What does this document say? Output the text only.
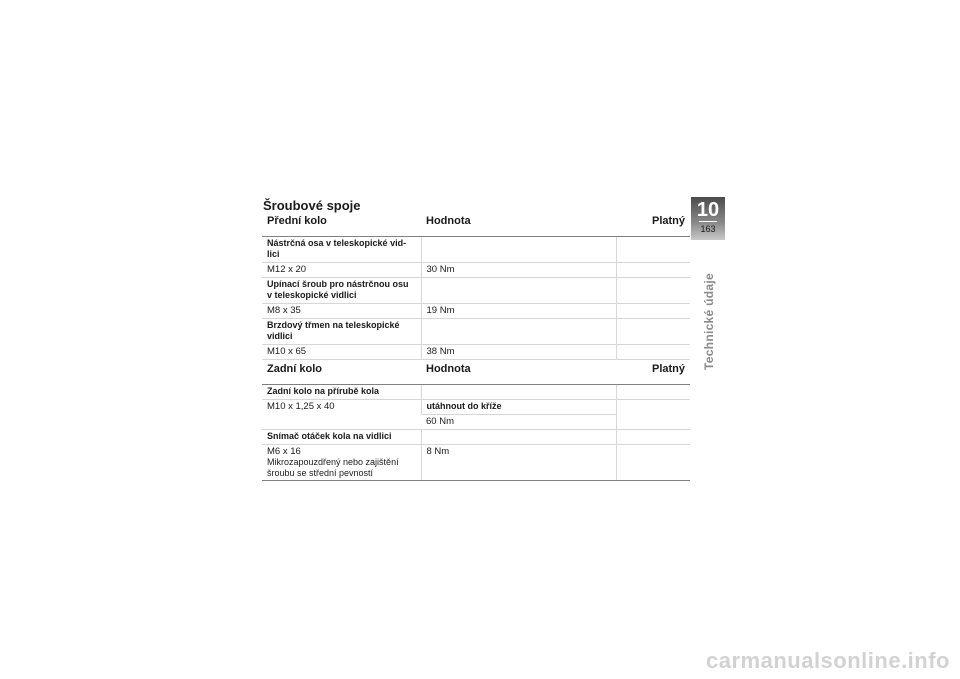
Šroubové spoje
Přední kolo	Hodnota	Platný
Nástrčná osa v teleskopické vid-lici		
M12 x 20	30 Nm	
Upínací šroub pro nástrčnou osu v teleskopické vidlici		
M8 x 35	19 Nm	
Brzdový třmen na teleskopické vidlici		
M10 x 65	38 Nm	
Zadní kolo	Hodnota	Platný
Zadní kolo na přírubě kola		
M10 x 1,25 x 40	utáhnout do kříže	
	60 Nm	
Snímač otáček kola na vidlici		

M6 x 16
Mikrozapouzdřený nebo zajištění šroubu se střední pevností	8 Nm	
10
163
Technické údaje
carmanualsonline.info
